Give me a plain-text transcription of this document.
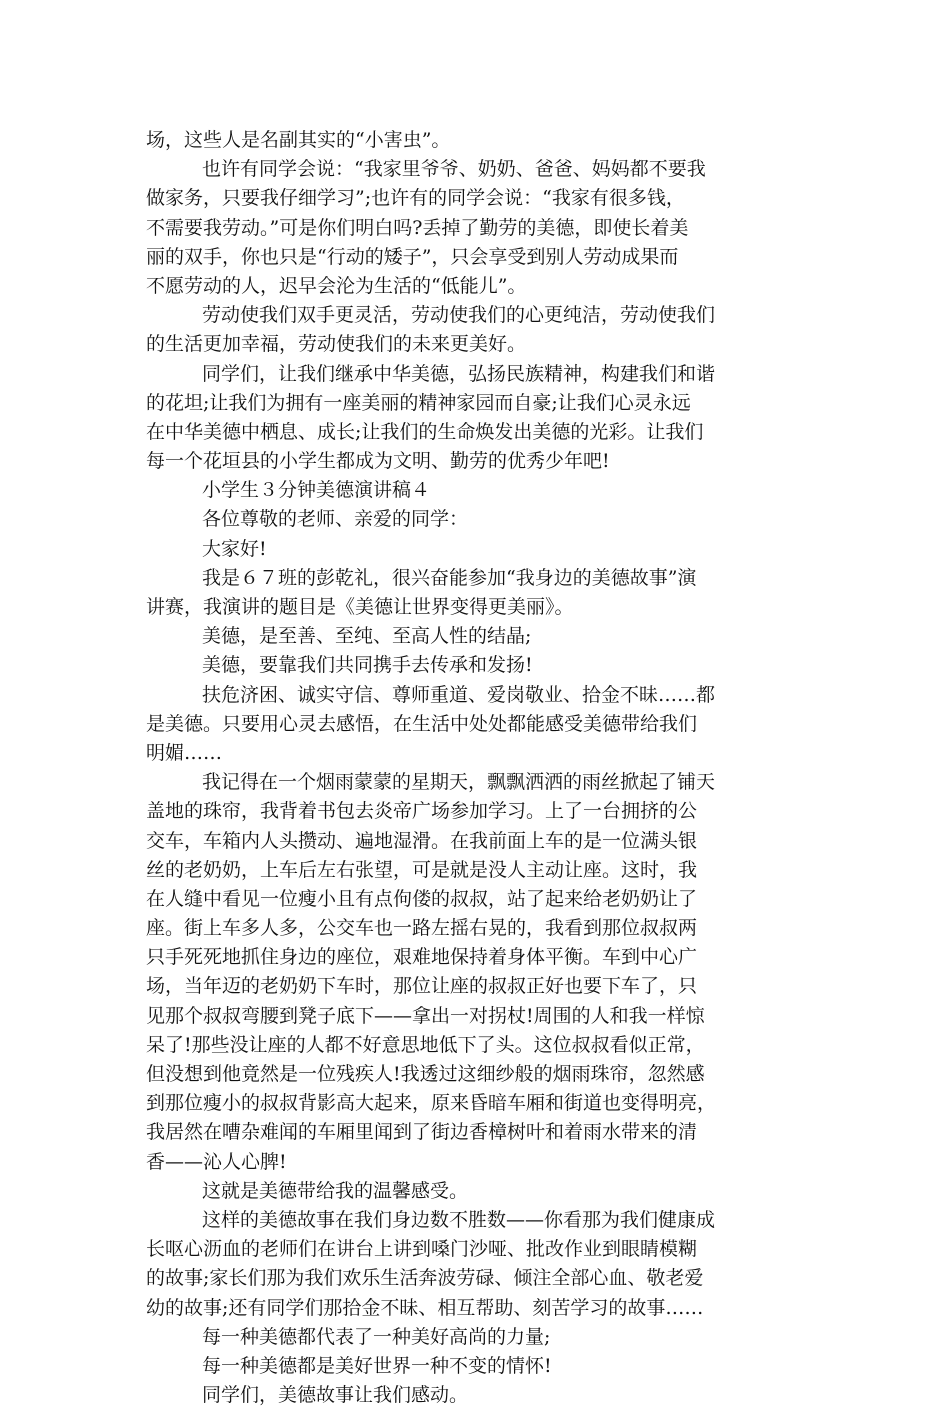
场，这些人是名副其实的“小害虫”。
也许有同学会说：“我家里爷爷、奶奶、爸爸、妈妈都不要我
做家务，只要我仔细学习”;也许有的同学会说：“我家有很多钱，
不需要我劳动。”可是你们明白吗?丢掉了勤劳的美德，即使长着美
丽的双手，你也只是“行动的矮子”，只会享受到别人劳动成果而
不愿劳动的人，迟早会沦为生活的“低能儿”。
劳动使我们双手更灵活，劳动使我们的心更纯洁，劳动使我们
的生活更加幸福，劳动使我们的未来更美好。
同学们，让我们继承中华美德，弘扬民族精神，构建我们和谐
的花坦;让我们为拥有一座美丽的精神家园而自豪;让我们心灵永远
在中华美德中栖息、成长;让我们的生命焕发出美德的光彩。让我们
每一个花垣县的小学生都成为文明、勤劳的优秀少年吧!
小学生３分钟美德演讲稿４
各位尊敬的老师、亲爱的同学：
大家好!
我是６７班的彭乾礼，很兴奋能参加“我身边的美德故事”演
讲赛，我演讲的题目是《美德让世界变得更美丽》。
美德，是至善、至纯、至高人性的结晶;
美德，要靠我们共同携手去传承和发扬!
扶危济困、诚实守信、尊师重道、爱岗敬业、拾金不昧……都
是美德。只要用心灵去感悟，在生活中处处都能感受美德带给我们
明媚……
我记得在一个烟雨蒙蒙的星期天，飘飘洒洒的雨丝掀起了铺天
盖地的珠帘，我背着书包去炎帝广场参加学习。上了一台拥挤的公
交车，车箱内人头攒动、遍地湿滑。在我前面上车的是一位满头银
丝的老奶奶，上车后左右张望，可是就是没人主动让座。这时，我
在人缝中看见一位瘦小且有点佝偻的叔叔，站了起来给老奶奶让了
座。街上车多人多，公交车也一路左摇右晃的，我看到那位叔叔两
只手死死地抓住身边的座位，艰难地保持着身体平衡。车到中心广
场，当年迈的老奶奶下车时，那位让座的叔叔正好也要下车了，只
见那个叔叔弯腰到凳子底下——拿出一对拐杖!周围的人和我一样惊
呆了!那些没让座的人都不好意思地低下了头。这位叔叔看似正常，
但没想到他竟然是一位残疾人!我透过这细纱般的烟雨珠帘，忽然感
到那位瘦小的叔叔背影高大起来，原来昏暗车厢和街道也变得明亮，
我居然在嘈杂难闻的车厢里闻到了街边香樟树叶和着雨水带来的清
香——沁人心脾!
这就是美德带给我的温馨感受。
这样的美德故事在我们身边数不胜数——你看那为我们健康成
长呕心沥血的老师们在讲台上讲到嗓门沙哑、批改作业到眼睛模糊
的故事;家长们那为我们欢乐生活奔波劳碌、倾注全部心血、敬老爱
幼的故事;还有同学们那拾金不昧、相互帮助、刻苦学习的故事……
每一种美德都代表了一种美好高尚的力量;
每一种美德都是美好世界一种不变的情怀!
同学们，美德故事让我们感动。
